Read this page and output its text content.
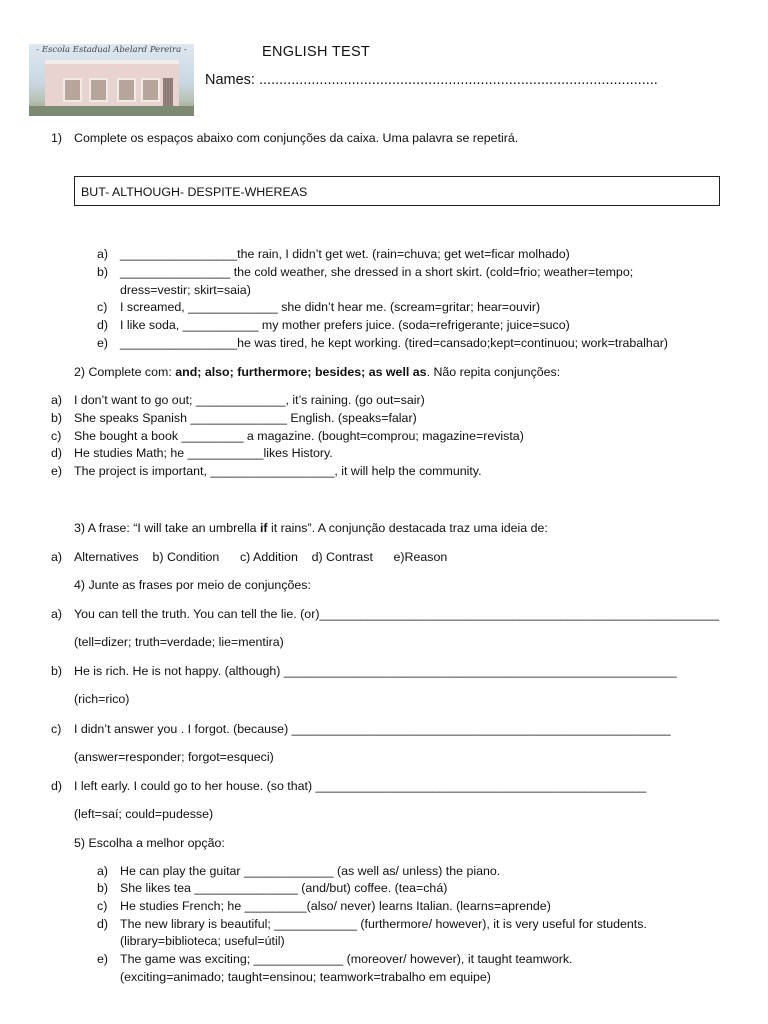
- Escola Estadual Abelard Pereira -	ENGLISH TEST
Names: ...................................................................................................
1) Complete os espaços abaixo com conjunções da caixa. Uma palavra se repetirá.
BUT- ALTHOUGH- DESPITE-WHEREAS
a) _________________the rain, I didn’t get wet. (rain=chuva; get wet=ficar molhado)
b) ________________ the cold weather, she dressed in a short skirt. (cold=frio; weather=tempo;
dress=vestir; skirt=saia)
c)	I screamed, _____________ she didn’t hear me. (scream=gritar; hear=ouvir)
d) I like soda, ___________ my mother prefers juice. (soda=refrigerante; juice=suco)
e) _________________he was tired, he kept working. (tired=cansado;kept=continuou; work=trabalhar)
2) Complete com: and; also; furthermore; besides; as well as. Não repita conjunções:
a) I don’t want to go out; _____________, it’s raining. (go out=sair)
b) She speaks Spanish ______________ English. (speaks=falar)
c)	She bought a book _________ a magazine. (bought=comprou; magazine=revista)
d) He studies Math; he ___________likes History.
e) The project is important, __________________, it will help the community.
3) A frase: “I will take an umbrella if it rains”. A conjunção destacada traz uma ideia de:
a) Alternatives    b) Condition      c) Addition    d) Contrast      e)Reason
4) Junte as frases por meio de conjunções:
a) You can tell the truth. You can tell the lie. (or)__________________________________________________________
(tell=dizer; truth=verdade; lie=mentira)
b) He is rich. He is not happy. (although) _________________________________________________________
(rich=rico)
c)	I didn’t answer you . I forgot. (because) _______________________________________________________
(answer=responder; forgot=esqueci)
d) I left early. I could go to her house. (so that) ________________________________________________
(left=saí; could=pudesse)
5) Escolha a melhor opção:
a) He can play the guitar _____________ (as well as/ unless) the piano.
b) She likes tea _______________ (and/but) coffee. (tea=chá)
c)	He studies French; he _________(also/ never) learns Italian. (learns=aprende)
d) The new library is beautiful; ____________ (furthermore/ however), it is very useful for students.
(library=biblioteca; useful=útil)
e) The game was exciting; _____________ (moreover/ however), it taught teamwork.
(exciting=animado; taught=ensinou; teamwork=trabalho em equipe)
